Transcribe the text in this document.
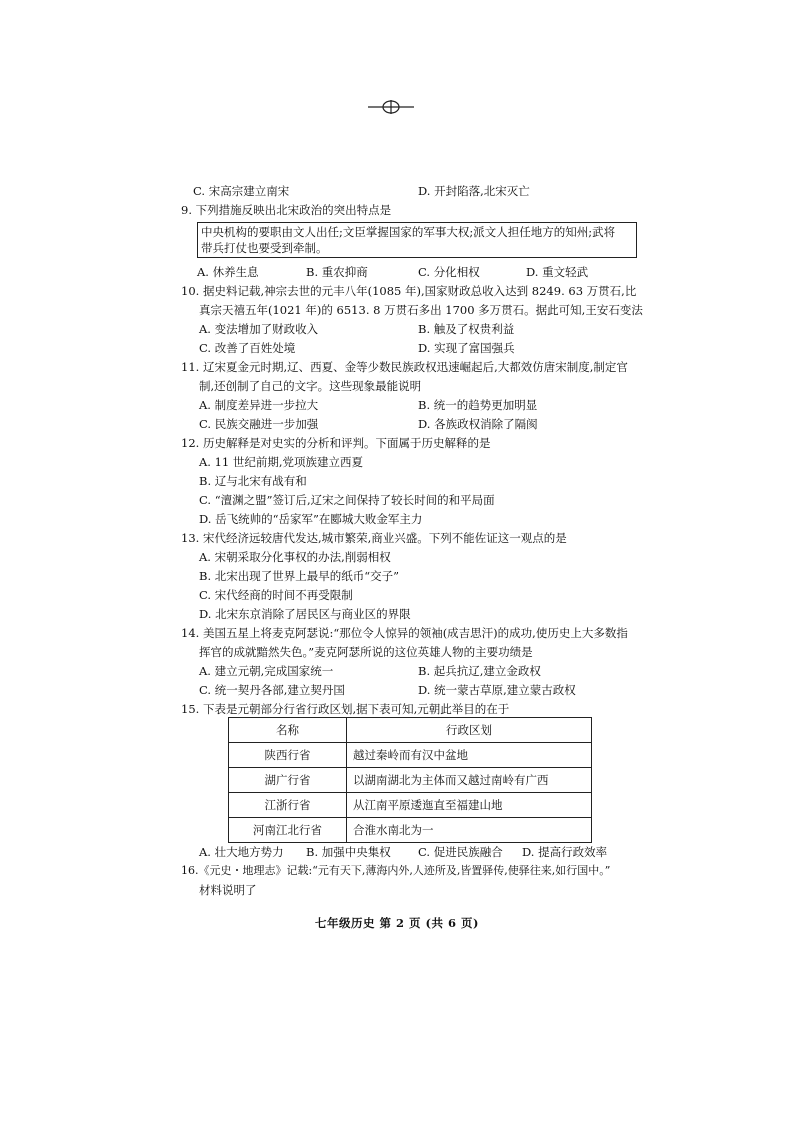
C. 宋高宗建立南宋	D. 开封陷落,北宋灭亡
9. 下列措施反映出北宋政治的突出特点是
中央机构的要职由文人出任;文臣掌握国家的军事大权;派文人担任地方的知州;武将
带兵打仗也要受到牵制。
A. 休养生息	B. 重农抑商	C. 分化相权	D. 重文轻武
10. 据史料记载,神宗去世的元丰八年(1085 年),国家财政总收入达到 8249. 63 万贯石,比
真宗天禧五年(1021 年)的 6513. 8 万贯石多出 1700 多万贯石。据此可知,王安石变法
A. 变法增加了财政收入	B. 触及了权贵利益
C. 改善了百姓处境	D. 实现了富国强兵
11. 辽宋夏金元时期,辽、西夏、金等少数民族政权迅速崛起后,大都效仿唐宋制度,制定官
制,还创制了自己的文字。这些现象最能说明
A. 制度差异进一步拉大	B. 统一的趋势更加明显
C. 民族交融进一步加强	D. 各族政权消除了隔阂
12. 历史解释是对史实的分析和评判。下面属于历史解释的是
A. 11 世纪前期,党项族建立西夏
B. 辽与北宋有战有和
C. “澶渊之盟”签订后,辽宋之间保持了较长时间的和平局面
D. 岳飞统帅的“岳家军”在郾城大败金军主力
13. 宋代经济远较唐代发达,城市繁荣,商业兴盛。下列不能佐证这一观点的是
A. 宋朝采取分化事权的办法,削弱相权
B. 北宋出现了世界上最早的纸币“交子”
C. 宋代经商的时间不再受限制
D. 北宋东京消除了居民区与商业区的界限
14. 美国五星上将麦克阿瑟说:“那位令人惊异的领袖(成吉思汗)的成功,使历史上大多数指
挥官的成就黯然失色。”麦克阿瑟所说的这位英雄人物的主要功绩是
A. 建立元朝,完成国家统一	B. 起兵抗辽,建立金政权
C. 统一契丹各部,建立契丹国	D. 统一蒙古草原,建立蒙古政权
15. 下表是元朝部分行省行政区划,据下表可知,元朝此举目的在于
名称	行政区划
陕西行省	越过秦岭而有汉中盆地
湖广行省	以湖南湖北为主体而又越过南岭有广西
江浙行省	从江南平原逶迤直至福建山地
河南江北行省	合淮水南北为一
A. 壮大地方势力 B. 加强中央集权 C. 促进民族融合 D. 提高行政效率
16.《元史・地理志》记载:“元有天下,薄海内外,人迹所及,皆置驿传,使驿往来,如行国中。”
材料说明了
七年级历史 第 2 页 (共 6 页)
